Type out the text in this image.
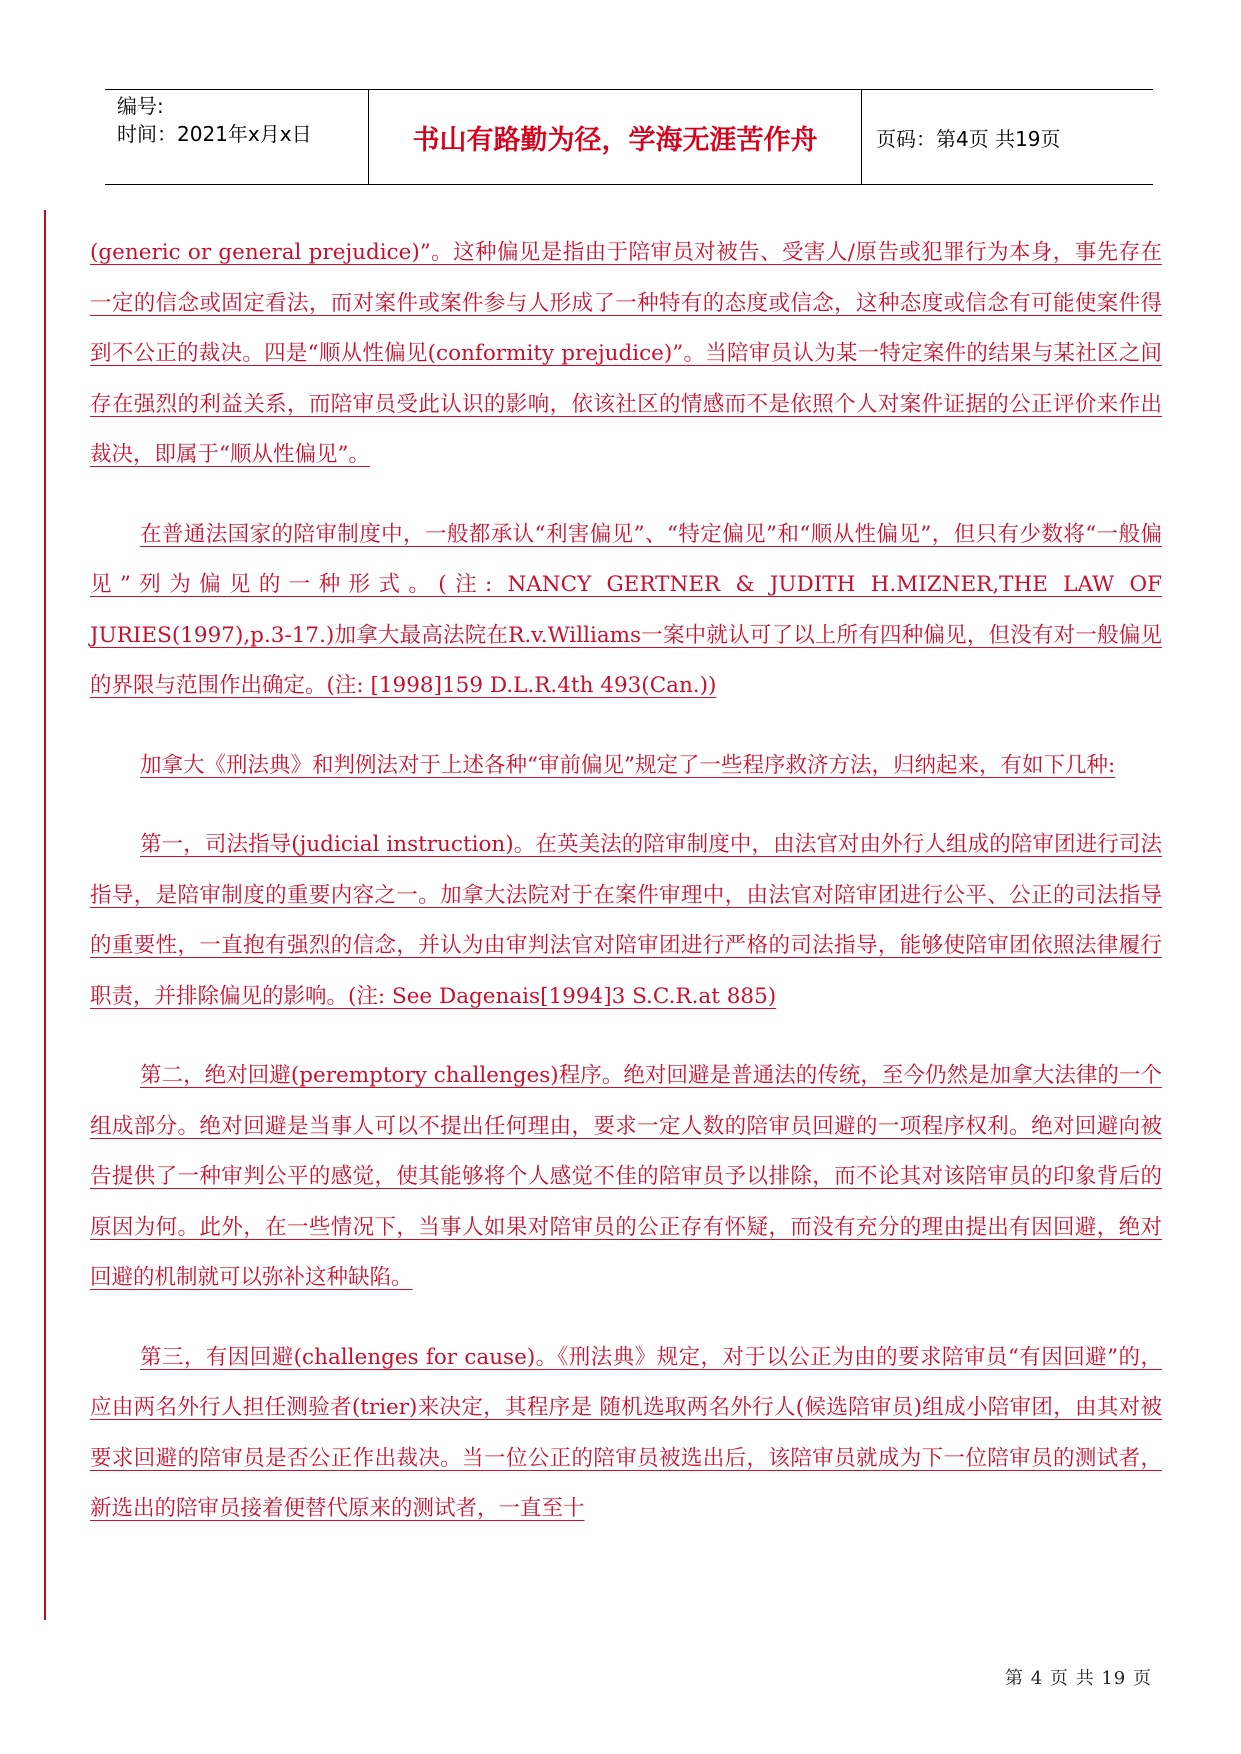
编号:
时间：2021年x月x日	书山有路勤为径，学海无涯苦作舟	页码：第4页 共19页

(generic or general prejudice)”。这种偏见是指由于陪审员对被告、受害人/原告或犯罪行为本身，事先存在一定的信念或固定看法，而对案件或案件参与人形成了一种特有的态度或信念，这种态度或信念有可能使案件得到不公正的裁决。四是“顺从性偏见(conformity prejudice)”。当陪审员认为某一特定案件的结果与某社区之间存在强烈的利益关系，而陪审员受此认识的影响，依该社区的情感而不是依照个人对案件证据的公正评价来作出裁决，即属于“顺从性偏见”。

在普通法国家的陪审制度中，一般都承认“利害偏见”、“特定偏见”和“顺从性偏见”，但只有少数将“一般偏见”列为偏见的一种形式。(注: NANCY GERTNER & JUDITH H.MIZNER,THE LAW OF JURIES(1997),p.3-17.)加拿大最高法院在R.v.Williams一案中就认可了以上所有四种偏见，但没有对一般偏见的界限与范围作出确定。(注: [1998]159 D.L.R.4th 493(Can.))

加拿大《刑法典》和判例法对于上述各种“审前偏见”规定了一些程序救济方法，归纳起来，有如下几种:

第一，司法指导(judicial instruction)。在英美法的陪审制度中，由法官对由外行人组成的陪审团进行司法指导，是陪审制度的重要内容之一。加拿大法院对于在案件审理中，由法官对陪审团进行公平、公正的司法指导的重要性，一直抱有强烈的信念，并认为由审判法官对陪审团进行严格的司法指导，能够使陪审团依照法律履行职责，并排除偏见的影响。(注: See Dagenais[1994]3 S.C.R.at 885)

第二，绝对回避(peremptory challenges)程序。绝对回避是普通法的传统，至今仍然是加拿大法律的一个组成部分。绝对回避是当事人可以不提出任何理由，要求一定人数的陪审员回避的一项程序权利。绝对回避向被告提供了一种审判公平的感觉，使其能够将个人感觉不佳的陪审员予以排除，而不论其对该陪审员的印象背后的原因为何。此外，在一些情况下，当事人如果对陪审员的公正存有怀疑，而没有充分的理由提出有因回避，绝对回避的机制就可以弥补这种缺陷。

第三，有因回避(challenges for cause)。《刑法典》规定，对于以公正为由的要求陪审员“有因回避”的，应由两名外行人担任测验者(trier)来决定，其程序是 随机选取两名外行人(候选陪审员)组成小陪审团，由其对被要求回避的陪审员是否公正作出裁决。当一位公正的陪审员被选出后，该陪审员就成为下一位陪审员的测试者，新选出的陪审员接着便替代原来的测试者，一直至十

第 4 页 共 19 页
